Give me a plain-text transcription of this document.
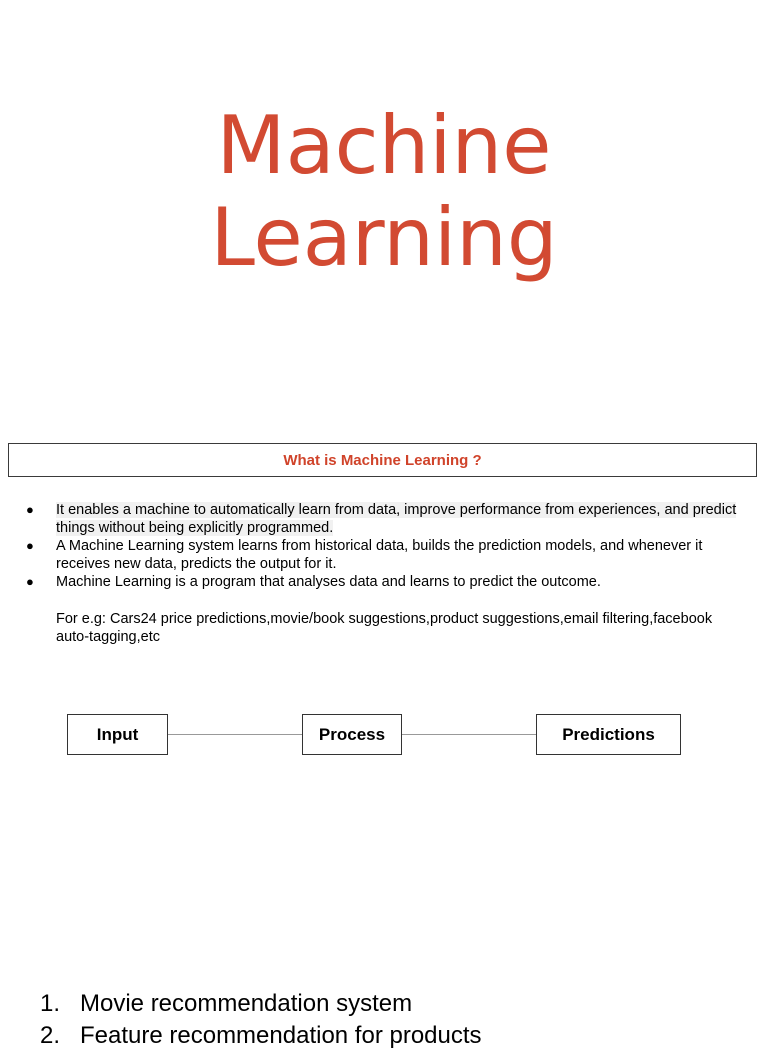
Machine
Learning
What is Machine Learning ?
● It enables a machine to automatically learn from data, improve performance from experiences, and predict things without being explicitly programmed.
● A Machine Learning system learns from historical data, builds the prediction models, and whenever it receives new data, predicts the output for it.
● Machine Learning is a program that analyses data and learns to predict the outcome.
For e.g: Cars24 price predictions,movie/book suggestions,product suggestions,email filtering,facebook auto-tagging,etc
Input	Process	Predictions
1. Movie recommendation system
2. Feature recommendation for products
